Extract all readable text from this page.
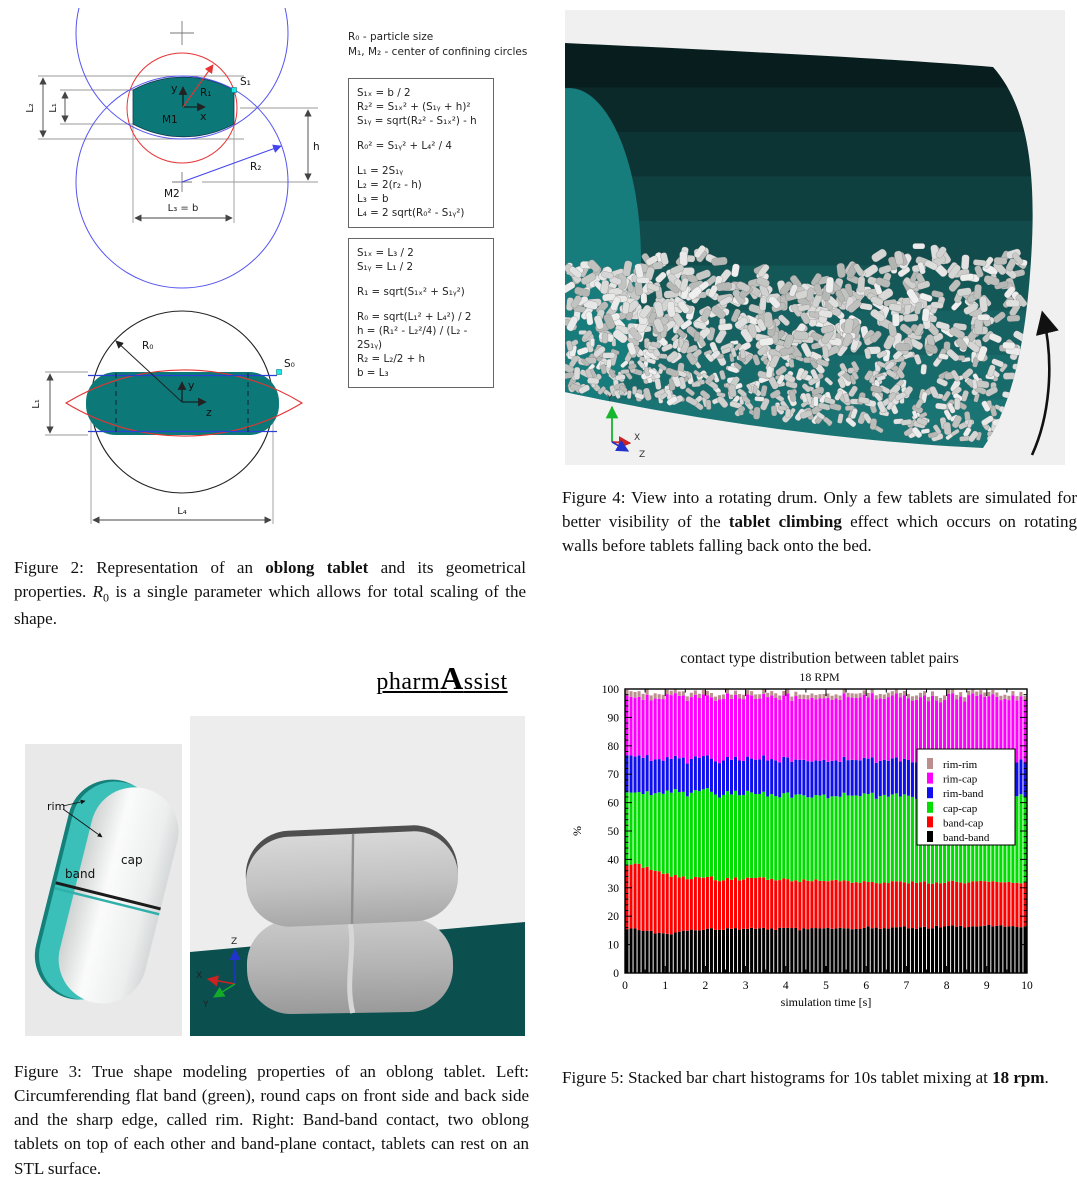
L₂ L₁
y
x
M1
R₁
S₁
h
R₂
M2
L₃ = b
R₀
S₀
y
z
L₁
L₄
R₀ - particle size
M₁, M₂ - center of confining circles
S₁ₓ = b / 2
R₂² = S₁ₓ² + (S₁ᵧ + h)²
S₁ᵧ = sqrt(R₂² - S₁ₓ²) - h
R₀² = S₁ᵧ² + L₄² / 4
L₁ = 2S₁ᵧ
L₂ = 2(r₂ - h)
L₃ = b
L₄ = 2 sqrt(R₀² - S₁ᵧ²)
S₁ₓ = L₃ / 2
S₁ᵧ = L₁ / 2
R₁ = sqrt(S₁ₓ² + S₁ᵧ²)
R₀ = sqrt(L₁² + L₄²) / 2
h = (R₁² - L₂²/4) / (L₂ - 2S₁ᵧ)
R₂ = L₂/2 + h
b = L₃
Figure 2: Representation of an oblong tablet and its geometrical properties. $R_0$ is a single parameter which allows for total scaling of the shape.
pharmAssist
rim
cap
band
Z
X
Y
Figure 3: True shape modeling properties of an oblong tablet. Left: Circumferending flat band (green), round caps on front side and back side and the sharp edge, called rim. Right: Band-band contact, two oblong tablets on top of each other and band-plane contact, tablets can rest on an STL surface.
Y
X
Z
Figure 4: View into a rotating drum. Only a few tablets are simulated for better visibility of the tablet climbing effect which occurs on rotating walls before tablets falling back onto the bed.
contact type distribution between tablet pairs
18 RPM
0
10
20
30
40
50
60
70
80
90
100
0	1	2	3	4	5	6	7	8	9	10
simulation time [s]
%
rim-rim
rim-cap
rim-band
cap-cap
band-cap
band-band
Figure 5: Stacked bar chart histograms for 10s tablet mixing at 18 rpm.
